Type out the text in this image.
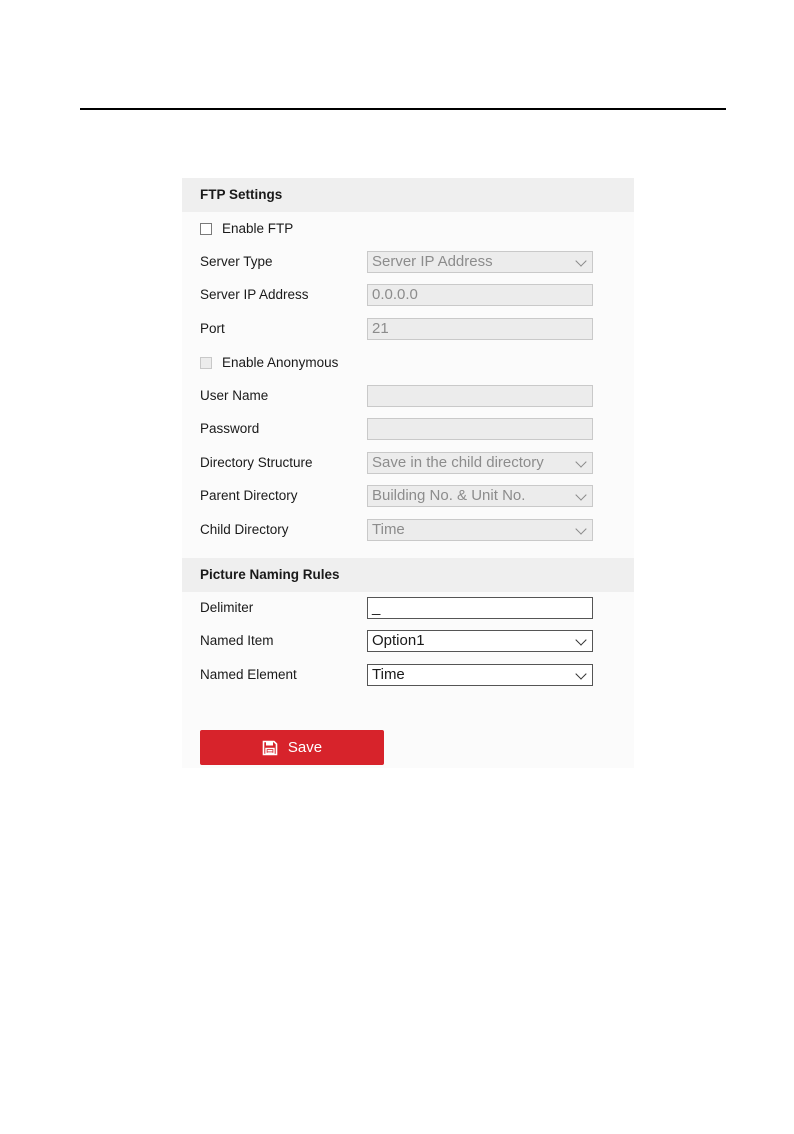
FTP Settings
Enable FTP
Server Type	Server IP Address
Server IP Address	0.0.0.0
Port	21
Enable Anonymous
User Name
Password
Directory Structure	Save in the child directory
Parent Directory	Building No. & Unit No.
Child Directory	Time
Picture Naming Rules
Delimiter	_
Named Item	Option1
Named Element	Time
Save
